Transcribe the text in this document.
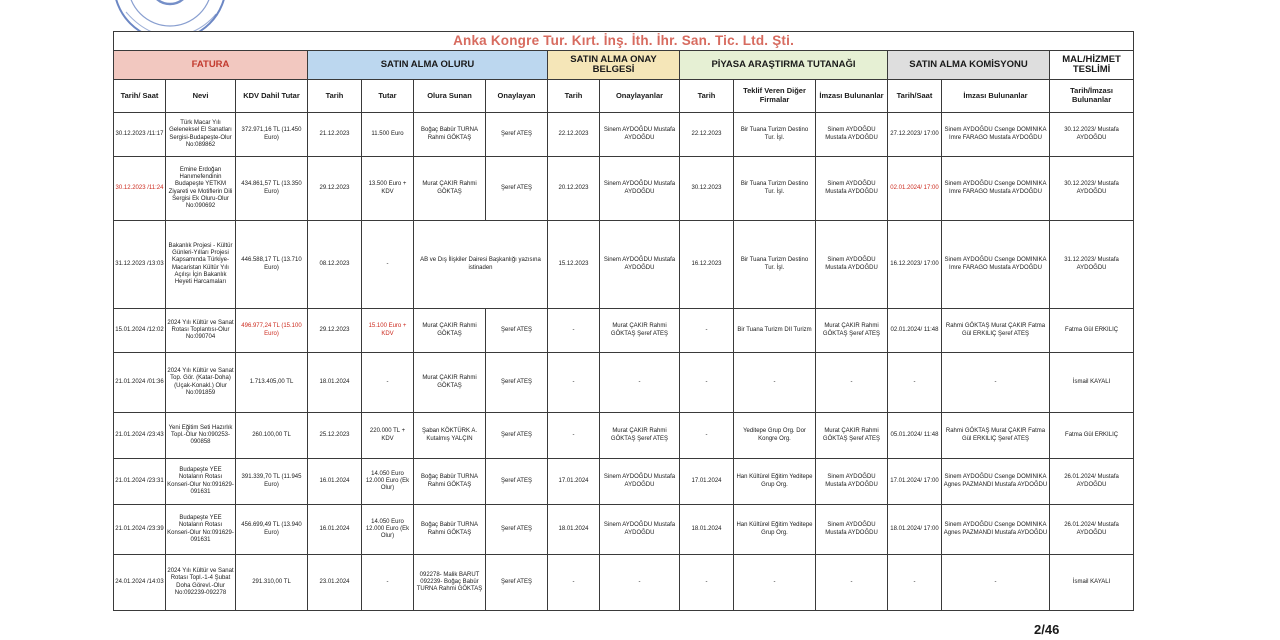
Anka Kongre Tur. Kırt. İnş. İth. İhr. San. Tic. Ltd. Şti.														
FATURA			SATIN ALMA OLURU				SATIN ALMA ONAY BELGESİ		PİYASA ARAŞTIRMA TUTANAĞI			SATIN ALMA KOMİSYONU		MAL/HİZMET TESLİMİ
Tarih/ Saat	Nevi	KDV Dahil Tutar	Tarih	Tutar	Olura Sunan	Onaylayan	Tarih	Onaylayanlar	Tarih	Teklif Veren Diğer Firmalar	İmzası Bulunanlar	Tarih/Saat	İmzası Bulunanlar	Tarih/İmzası Bulunanlar
30.12.2023 /11:17	Türk Macar Yılı Geleneksel El Sanatları Sergisi-Budapeşte-Olur No:089862	372.971,16 TL (11.450 Euro)	21.12.2023	11.500 Euro	Boğaç Babür TURNA Rahmi GÖKTAŞ	Şeref ATEŞ	22.12.2023	Sinem AYDOĞDU Mustafa AYDOĞDU	22.12.2023	Bir Tuana Turizm Destino Tur. İşl.	Sinem AYDOĞDU Mustafa AYDOĞDU	27.12.2023/ 17:00	Sinem AYDOĞDU Csenge DOMINIKA Imre FARAGO Mustafa AYDOĞDU	30.12.2023/ Mustafa AYDOĞDU
30.12.2023 /11:24	Emine Erdoğan Hanımefendinin Budapeşte YETKM Ziyareti ve Motiflerin Dili Sergisi Ek Oluru-Olur No:090692	434.861,57 TL (13.350 Euro)	29.12.2023	13.500 Euro + KDV	Murat ÇAKIR Rahmi GÖKTAŞ	Şeref ATEŞ	20.12.2023	Sinem AYDOĞDU Mustafa AYDOĞDU	30.12.2023	Bir Tuana Turizm Destino Tur. İşl.	Sinem AYDOĞDU Mustafa AYDOĞDU	02.01.2024/ 17:00	Sinem AYDOĞDU Csenge DOMINIKA Imre FARAGO Mustafa AYDOĞDU	30.12.2023/ Mustafa AYDOĞDU
31.12.2023 /13:03	Bakanlık Projesi - Kültür Günleri-Yılları Projesi Kapsamında Türkiye-Macaristan Kültür Yılı Açılışı İçin Bakanlık Heyeti Harcamaları	446.588,17 TL (13.710 Euro)	08.12.2023	-	AB ve Dış İlişkiler Dairesi Başkanlığı yazısına istinaden		15.12.2023	Sinem AYDOĞDU Mustafa AYDOĞDU	16.12.2023	Bir Tuana Turizm Destino Tur. İşl.	Sinem AYDOĞDU Mustafa AYDOĞDU	16.12.2023/ 17:00	Sinem AYDOĞDU Csenge DOMINIKA Imre FARAGO Mustafa AYDOĞDU	31.12.2023/ Mustafa AYDOĞDU
15.01.2024 /12:02	2024 Yılı Kültür ve Sanat Rotası Toplantısı-Olur No:090704	496.977,24 TL (15.100 Euro)	29.12.2023	15.100 Euro + KDV	Murat ÇAKIR Rahmi GÖKTAŞ	Şeref ATEŞ	-	Murat ÇAKIR Rahmi GÖKTAŞ Şeref ATEŞ	-	Bir Tuana Turizm DII Turizm	Murat ÇAKIR Rahmi GÖKTAŞ Şeref ATEŞ	02.01.2024/ 11:48	Rahmi GÖKTAŞ Murat ÇAKIR Fatma Gül ERKILIÇ Şeref ATEŞ	Fatma Gül ERKILIÇ
21.01.2024 /01:36	2024 Yılı Kültür ve Sanat Top. Gör. (Katar-Doha) (Uçak-Konakl.) Olur No:091859	1.713.405,00 TL	18.01.2024	-	Murat ÇAKIR Rahmi GÖKTAŞ	Şeref ATEŞ	-	-	-	-	-	-	-	İsmail KAYALI
21.01.2024 /23:43	Yeni Eğitim Seti Hazırlık Topl.-Olur No:090253-090858	260.100,00 TL	25.12.2023	220.000 TL + KDV	Şaban KÖKTÜRK A. Kutalmış YALÇIN	Şeref ATEŞ	-	Murat ÇAKIR Rahmi GÖKTAŞ Şeref ATEŞ	-	Yeditepe Grup Org. Dor Kongre Org.	Murat ÇAKIR Rahmi GÖKTAŞ Şeref ATEŞ	05.01.2024/ 11:48	Rahmi GÖKTAŞ Murat ÇAKIR Fatma Gül ERKILIÇ Şeref ATEŞ	Fatma Gül ERKILIÇ
21.01.2024 /23:31	Budapeşte YEE Notaların Rotası Konseri-Olur No:091629-091631	391.339,70 TL (11.945 Euro)	16.01.2024	14.050 Euro 12.000 Euro (Ek Olur)	Boğaç Babür TURNA Rahmi GÖKTAŞ	Şeref ATEŞ	17.01.2024	Sinem AYDOĞDU Mustafa AYDOĞDU	17.01.2024	Han Kültürel Eğitim Yeditepe Grup Org.	Sinem AYDOĞDU Mustafa AYDOĞDU	17.01.2024/ 17:00	Sinem AYDOĞDU Csenge DOMINIKA Agnes PAZMANDI Mustafa AYDOĞDU	26.01.2024/ Mustafa AYDOĞDU
21.01.2024 /23:39	Budapeşte YEE Notaların Rotası Konseri-Olur No:091629-091631	456.699,49 TL (13.940 Euro)	16.01.2024	14.050 Euro 12.000 Euro (Ek Olur)	Boğaç Babür TURNA Rahmi GÖKTAŞ	Şeref ATEŞ	18.01.2024	Sinem AYDOĞDU Mustafa AYDOĞDU	18.01.2024	Han Kültürel Eğitim Yeditepe Grup Org.	Sinem AYDOĞDU Mustafa AYDOĞDU	18.01.2024/ 17:00	Sinem AYDOĞDU Csenge DOMINIKA Agnes PAZMANDI Mustafa AYDOĞDU	26.01.2024/ Mustafa AYDOĞDU
24.01.2024 /14:03	2024 Yılı Kültür ve Sanat Rotası Topl.-1-4 Şubat Doha Görevl.-Olur No:092239-092278	291.310,00 TL	23.01.2024	-	092278- Malik BARUT 092239- Boğaç Babür TURNA Rahmi GÖKTAŞ	Şeref ATEŞ	-	-	-	-	-	-	-	İsmail KAYALI
2/46
